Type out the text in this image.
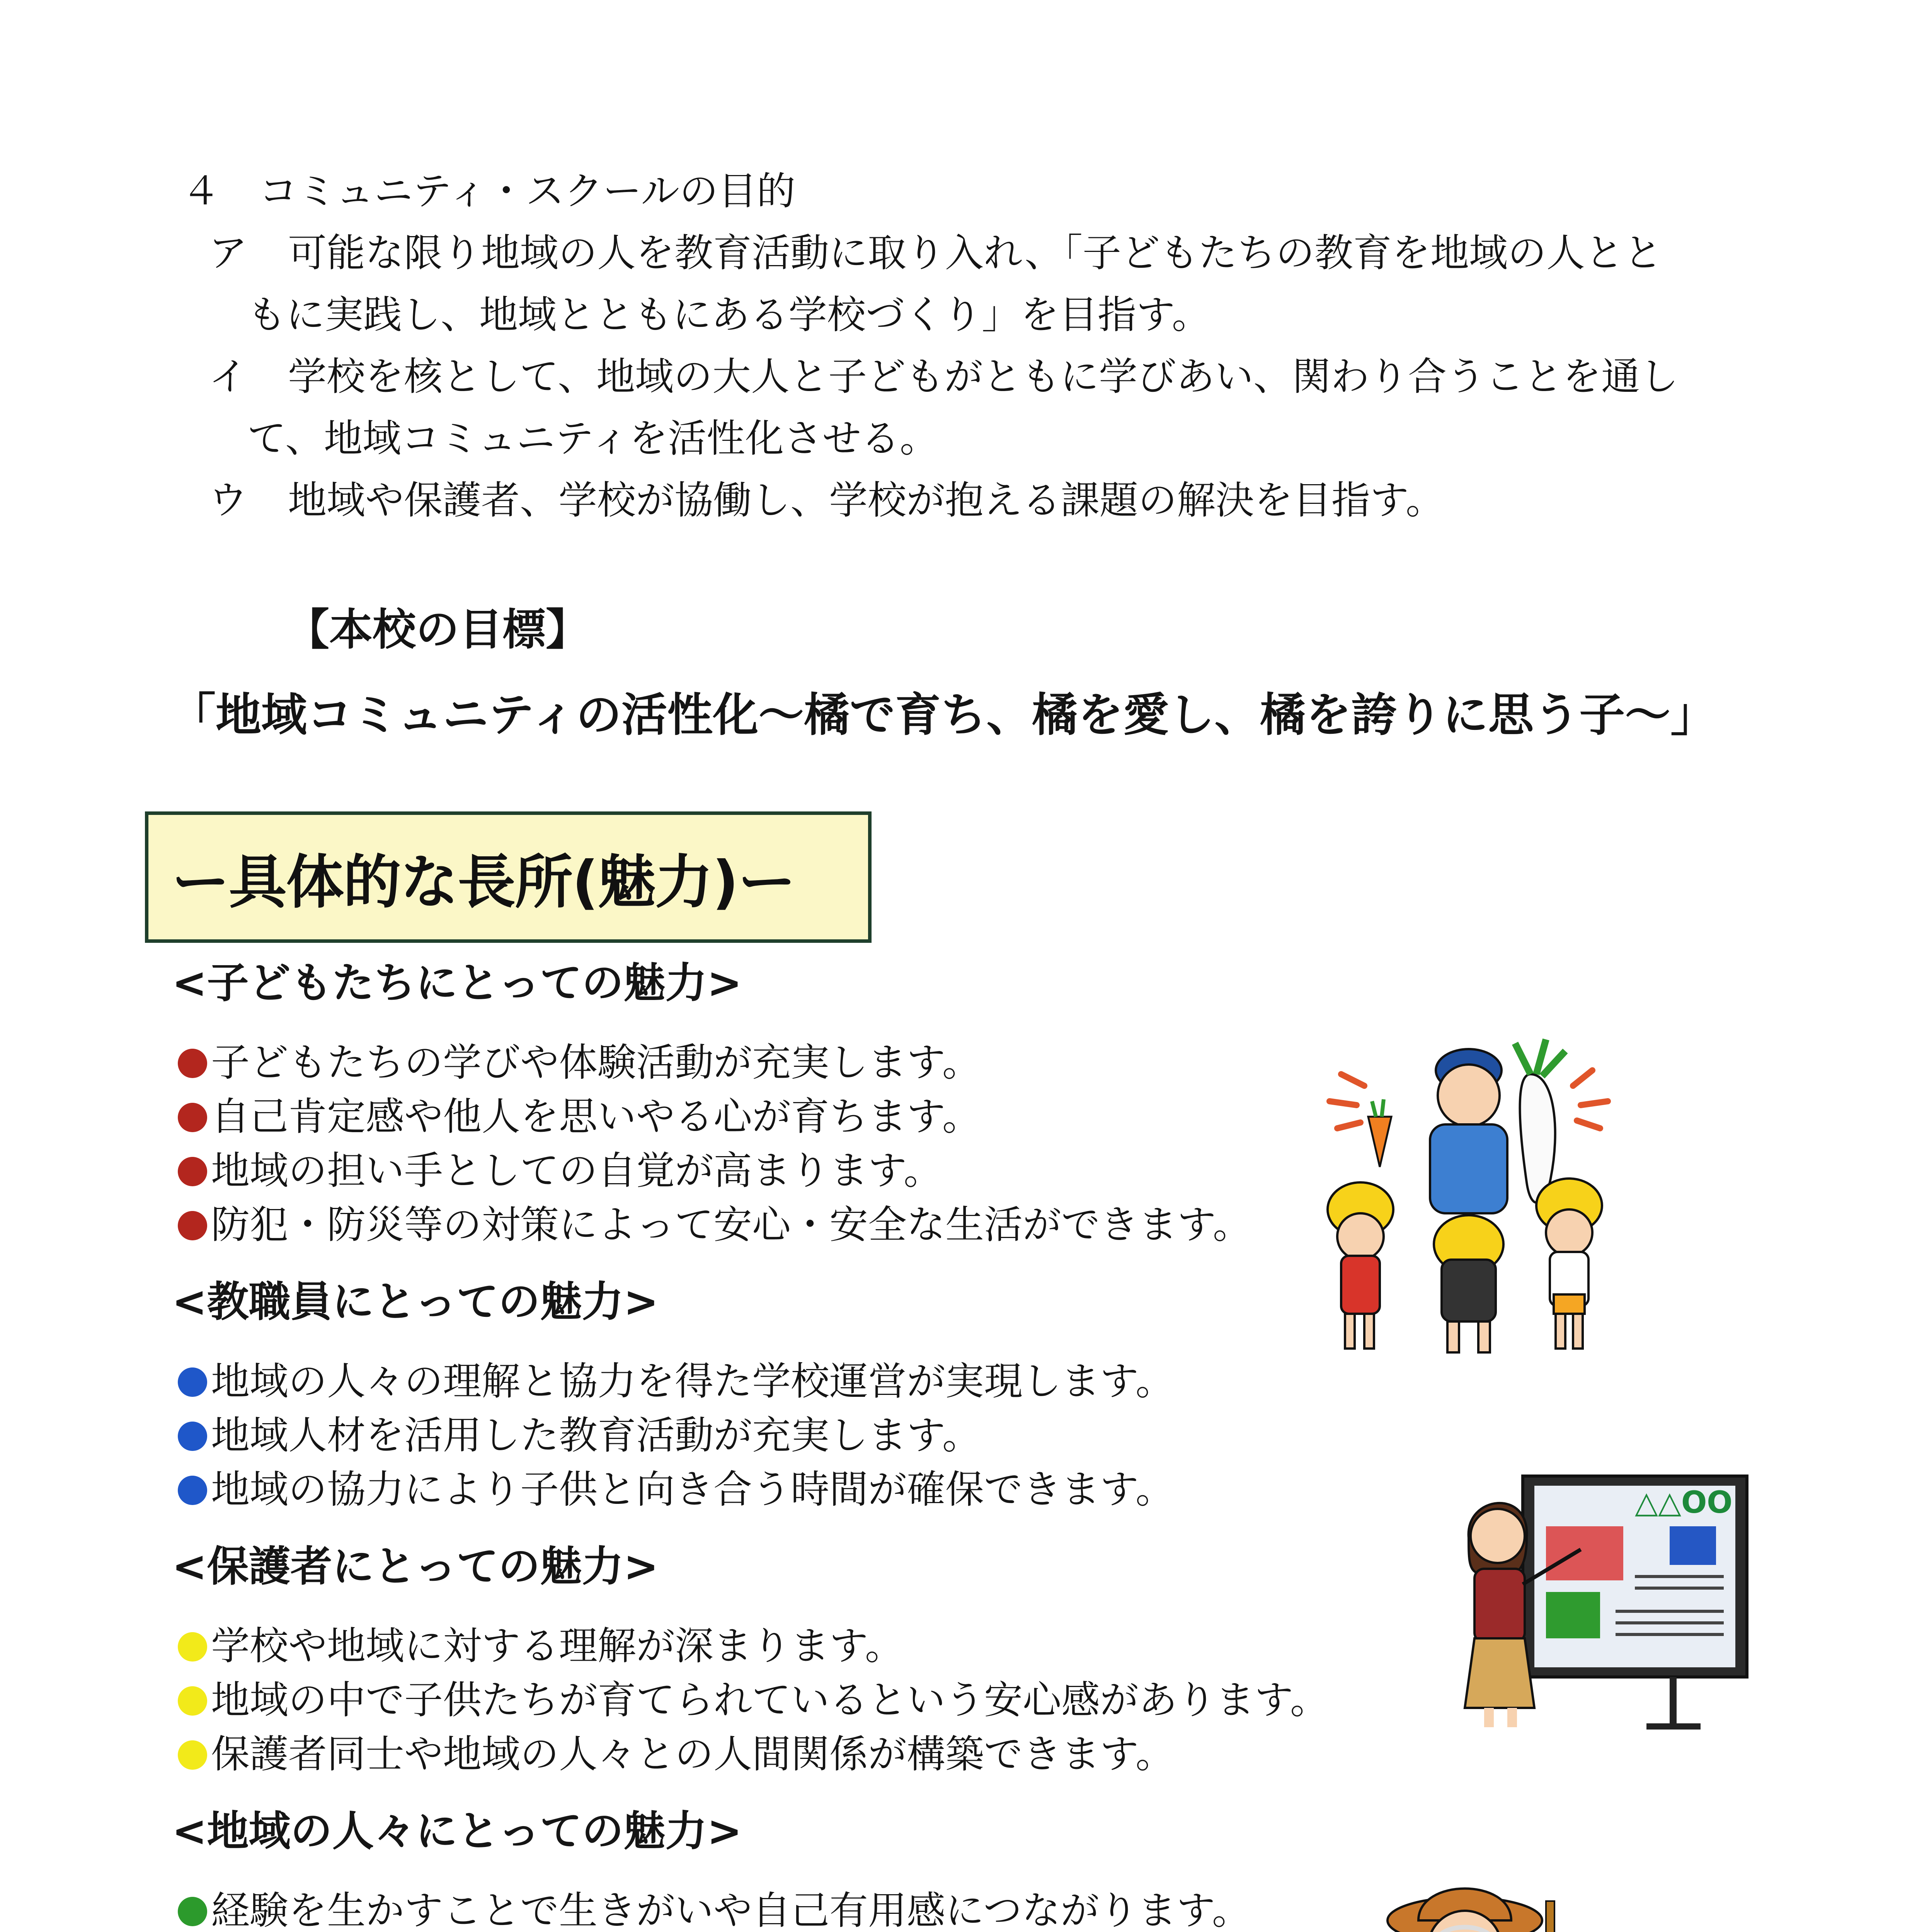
４　コミュニティ・スクールの目的
ア 可能な限り地域の人を教育活動に取り入れ、「子どもたちの教育を地域の人とと
もに実践し、地域とともにある学校づくり」を目指す。
イ 学校を核として、地域の大人と子どもがともに学びあい、関わり合うことを通し
て、地域コミュニティを活性化させる。
ウ 地域や保護者、学校が協働し、学校が抱える課題の解決を目指す。
【本校の目標】
「地域コミュニティの活性化～橘で育ち、橘を愛し、橘を誇りに思う子～」
ー具体的な長所(魅力)ー
<子どもたちにとっての魅力>
子どもたちの学びや体験活動が充実します。
自己肯定感や他人を思いやる心が育ちます。
地域の担い手としての自覚が高まります。
防犯・防災等の対策によって安心・安全な生活ができます。
<教職員にとっての魅力>
地域の人々の理解と協力を得た学校運営が実現します。
地域人材を活用した教育活動が充実します。
地域の協力により子供と向き合う時間が確保できます。
<保護者にとっての魅力>
学校や地域に対する理解が深まります。
地域の中で子供たちが育てられているという安心感があります。
保護者同士や地域の人々との人間関係が構築できます。
<地域の人々にとっての魅力>
経験を生かすことで生きがいや自己有用感につながります。
△△OO
